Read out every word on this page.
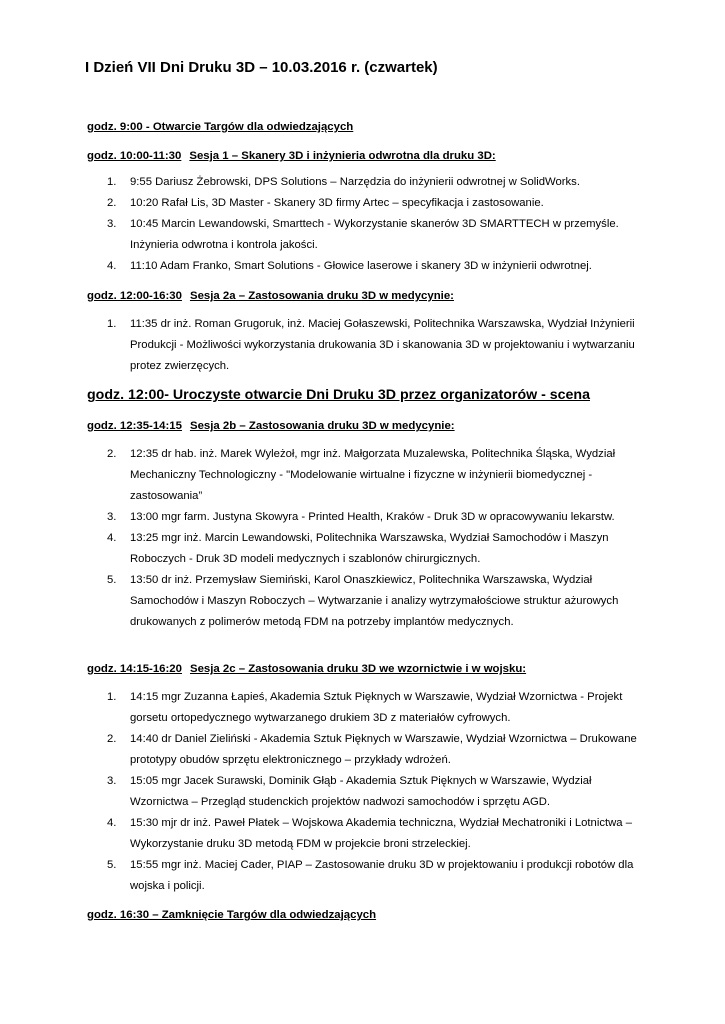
I Dzień VII Dni Druku 3D – 10.03.2016 r. (czwartek)
godz. 9:00 - Otwarcie Targów dla odwiedzających
godz. 10:00-11:30 Sesja 1 – Skanery 3D i inżynieria odwrotna dla druku 3D:
1. 9:55 Dariusz Żebrowski, DPS Solutions – Narzędzia do inżynierii odwrotnej w SolidWorks.
2. 10:20 Rafał Lis, 3D Master - Skanery 3D firmy Artec – specyfikacja i zastosowanie.
3. 10:45 Marcin Lewandowski, Smarttech - Wykorzystanie skanerów 3D SMARTTECH w przemyśle. Inżynieria odwrotna i kontrola jakości.
4. 11:10 Adam Franko, Smart Solutions - Głowice laserowe i skanery 3D w inżynierii odwrotnej.
godz. 12:00-16:30 Sesja 2a – Zastosowania druku 3D w medycynie:
1. 11:35 dr inż. Roman Grugoruk, inż. Maciej Gołaszewski, Politechnika Warszawska, Wydział Inżynierii Produkcji - Możliwości wykorzystania drukowania 3D i skanowania 3D w projektowaniu i wytwarzaniu protez zwierzęcych.
godz. 12:00- Uroczyste otwarcie Dni Druku 3D przez organizatorów - scena
godz. 12:35-14:15 Sesja 2b – Zastosowania druku 3D w medycynie:
2. 12:35 dr hab. inż. Marek Wyleżoł, mgr inż. Małgorzata Muzalewska, Politechnika Śląska, Wydział Mechaniczny Technologiczny - "Modelowanie wirtualne i fizyczne w inżynierii biomedycznej - zastosowania”
3. 13:00 mgr farm. Justyna Skowyra - Printed Health, Kraków - Druk 3D w opracowywaniu lekarstw.
4. 13:25 mgr inż. Marcin Lewandowski, Politechnika Warszawska, Wydział Samochodów i Maszyn Roboczych - Druk 3D modeli medycznych i szablonów chirurgicznych.
5. 13:50 dr inż. Przemysław Siemiński, Karol Onaszkiewicz, Politechnika Warszawska, Wydział Samochodów i Maszyn Roboczych – Wytwarzanie i analizy wytrzymałościowe struktur ażurowych drukowanych z polimerów metodą FDM na potrzeby implantów medycznych.
godz. 14:15-16:20 Sesja 2c – Zastosowania druku 3D we wzornictwie i w wojsku:
1. 14:15 mgr Zuzanna Łapieś, Akademia Sztuk Pięknych w Warszawie, Wydział Wzornictwa - Projekt gorsetu ortopedycznego wytwarzanego drukiem 3D z materiałów cyfrowych.
2. 14:40 dr Daniel Zieliński - Akademia Sztuk Pięknych w Warszawie, Wydział Wzornictwa – Drukowane prototypy obudów sprzętu elektronicznego – przykłady wdrożeń.
3. 15:05 mgr Jacek Surawski, Dominik Głąb - Akademia Sztuk Pięknych w Warszawie, Wydział Wzornictwa – Przegląd studenckich projektów nadwozi samochodów i sprzętu AGD.
4. 15:30 mjr dr inż. Paweł Płatek – Wojskowa Akademia techniczna, Wydział Mechatroniki i Lotnictwa – Wykorzystanie druku 3D metodą FDM w projekcie broni strzeleckiej.
5. 15:55 mgr inż. Maciej Cader, PIAP – Zastosowanie druku 3D w projektowaniu i produkcji robotów dla wojska i policji.
godz. 16:30 – Zamknięcie Targów dla odwiedzających
